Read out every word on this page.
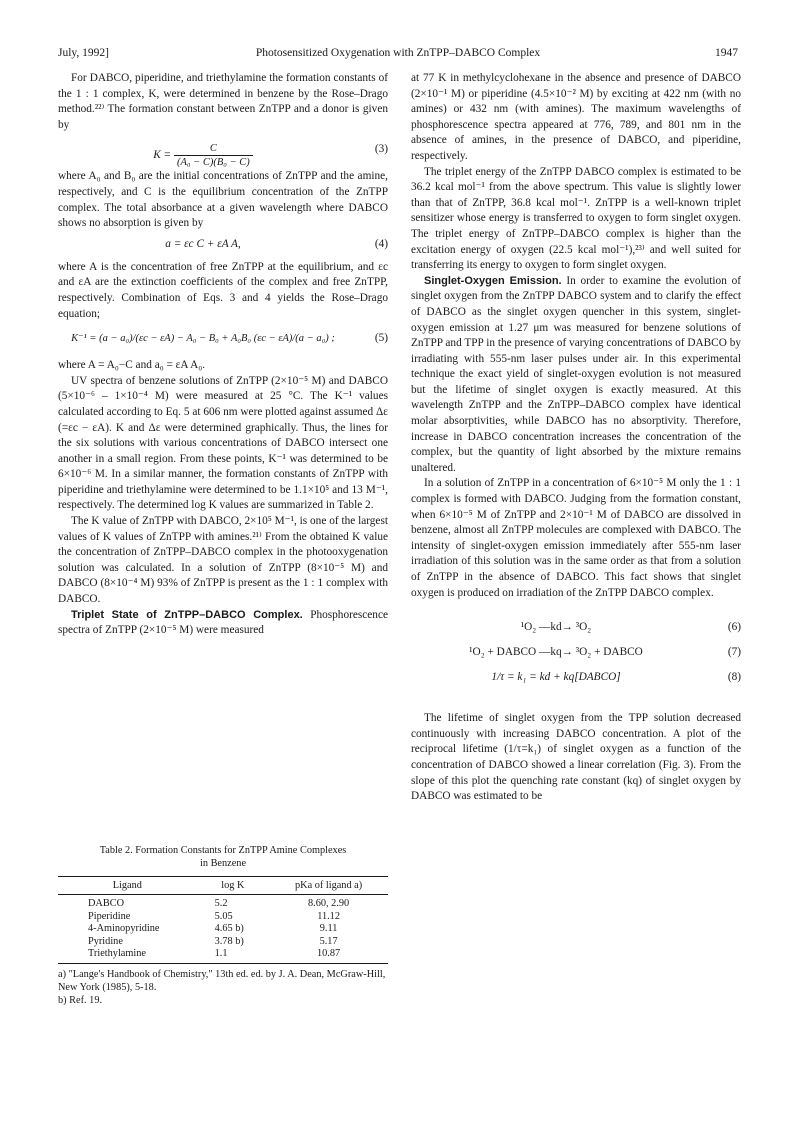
July, 1992]	Photosensitized Oxygenation with ZnTPP–DABCO Complex	1947

For DABCO, piperidine, and triethylamine the formation constants of the 1 : 1 complex, K, were determined in benzene by the Rose–Drago method.²²⁾ The formation constant between ZnTPP and a donor is given by

$K = \frac{C}{\text{(A₀ − C)(B₀ − C)}}$	(3)

where A₀ and B₀ are the initial concentrations of ZnTPP and the amine, respectively, and C is the equilibrium concentration of the ZnTPP complex. The total absorbance at a given wavelength where DABCO shows no absorption is given by

a = εc C + εA A,	(4)

where A is the concentration of free ZnTPP at the equilibrium, and εc and εA are the extinction coefficients of the complex and free ZnTPP, respectively. Combination of Eqs. 3 and 4 yields the Rose–Drago equation;

K⁻¹ = (a − a₀)/(εc − εA) − A₀ − B₀ + A₀B₀ (εc − εA)/(a − a₀) ;	(5)

where A = A₀−C and a₀ = εA A₀.

UV spectra of benzene solutions of ZnTPP (2×10⁻⁵ M) and DABCO (5×10⁻⁶ – 1×10⁻⁴ M) were measured at 25 °C. The K⁻¹ values calculated according to Eq. 5 at 606 nm were plotted against assumed Δε (=εc − εA). K and Δε were determined graphically. Thus, the lines for the six solutions with various concentrations of DABCO intersect one another in a small region. From these points, K⁻¹ was determined to be 6×10⁻⁶ M. In a similar manner, the formation constants of ZnTPP with piperidine and triethylamine were determined to be 1.1×10⁵ and 13 M⁻¹, respectively. The determined log K values are summarized in Table 2.

The K value of ZnTPP with DABCO, 2×10⁵ M⁻¹, is one of the largest values of K values of ZnTPP with amines.²¹⁾ From the obtained K value the concentration of ZnTPP–DABCO complex in the photooxygenation solution was calculated. In a solution of ZnTPP (8×10⁻⁵ M) and DABCO (8×10⁻⁴ M) 93% of ZnTPP is present as the 1 : 1 complex with DABCO.

Triplet State of ZnTPP–DABCO Complex. Phosphorescence spectra of ZnTPP (2×10⁻⁵ M) were measured

Table 2. Formation Constants for ZnTPP Amine Complexes in Benzene
Ligand	log K	pKa of ligand a)
DABCO	5.2	8.60, 2.90
Piperidine	5.05	11.12
4-Aminopyridine	4.65 b)	9.11
Pyridine	3.78 b)	5.17
Triethylamine	1.1	10.87
a) "Lange's Handbook of Chemistry," 13th ed. ed. by J. A. Dean, McGraw-Hill, New York (1985), 5-18.
b) Ref. 19.

at 77 K in methylcyclohexane in the absence and presence of DABCO (2×10⁻¹ M) or piperidine (4.5×10⁻² M) by exciting at 422 nm (with no amines) or 432 nm (with amines). The maximum wavelengths of phosphorescence spectra appeared at 776, 789, and 801 nm in the absence of amines, in the presence of DABCO, and piperidine, respectively.

The triplet energy of the ZnTPP DABCO complex is estimated to be 36.2 kcal mol⁻¹ from the above spectrum. This value is slightly lower than that of ZnTPP, 36.8 kcal mol⁻¹. ZnTPP is a well-known triplet sensitizer whose energy is transferred to oxygen to form singlet oxygen. The triplet energy of ZnTPP–DABCO complex is higher than the excitation energy of oxygen (22.5 kcal mol⁻¹),²³⁾ and well suited for transferring its energy to oxygen to form singlet oxygen.

Singlet-Oxygen Emission. In order to examine the evolution of singlet oxygen from the ZnTPP DABCO system and to clarify the effect of DABCO as the singlet oxygen quencher in this system, singlet-oxygen emission at 1.27 μm was measured for benzene solutions of ZnTPP and TPP in the presence of varying concentrations of DABCO by irradiating with 555-nm laser pulses under air. In this experimental technique the exact yield of singlet-oxygen evolution is not measured but the lifetime of singlet oxygen is exactly measured. At this wavelength ZnTPP and the ZnTPP–DABCO complex have identical molar absorptivities, while DABCO has no absorptivity. Therefore, increase in DABCO concentration increases the concentration of the complex, but the quantity of light absorbed by the mixture remains unaltered.

In a solution of ZnTPP in a concentration of 6×10⁻⁵ M only the 1 : 1 complex is formed with DABCO. Judging from the formation constant, when 6×10⁻⁵ M of ZnTPP and 2×10⁻¹ M of DABCO are dissolved in benzene, almost all ZnTPP molecules are complexed with DABCO. The intensity of singlet-oxygen emission immediately after 555-nm laser irradiation of this solution was in the same order as that from a solution of ZnTPP in the absence of DABCO. This fact shows that singlet oxygen is produced on irradiation of the ZnTPP DABCO complex.

¹O₂ —kd→ ³O₂	(6)
¹O₂ + DABCO —kq→ ³O₂ + DABCO	(7)
1/τ = k₁ = kd + kq[DABCO]	(8)

The lifetime of singlet oxygen from the TPP solution decreased continuously with increasing DABCO concentration. A plot of the reciprocal lifetime (1/τ=k₁) of singlet oxygen as a function of the concentration of DABCO showed a linear correlation (Fig. 3). From the slope of this plot the quenching rate constant (kq) of singlet oxygen by DABCO was estimated to be
